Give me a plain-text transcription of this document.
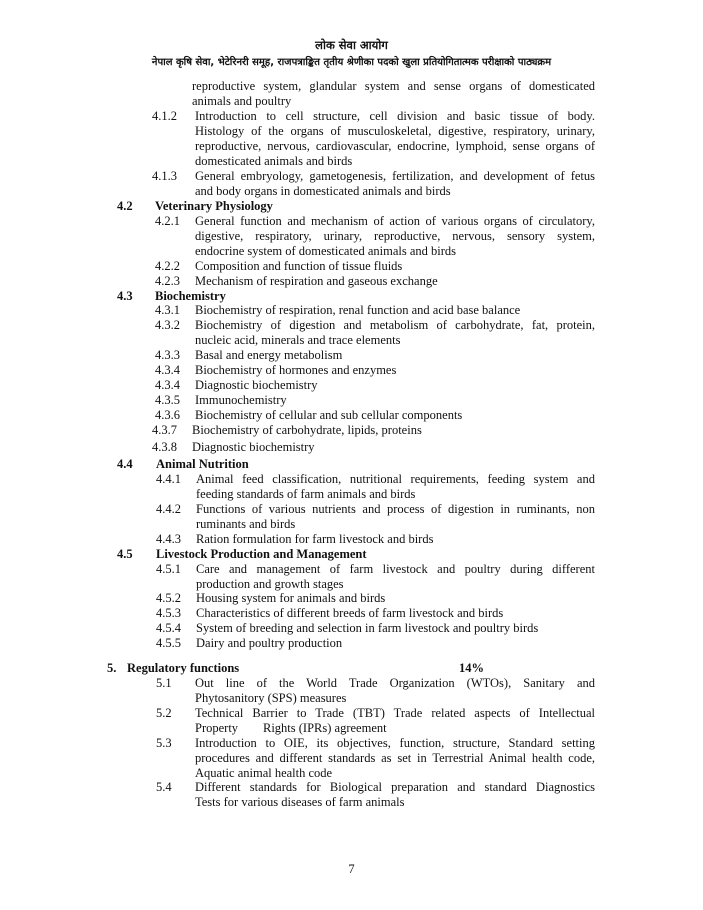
लोक सेवा आयोग
नेपाल कृषि सेवा, भेटेरिनरी समूह, राजपत्राङ्कित तृतीय श्रेणीका पदको खुला प्रतियोगितात्मक परीक्षाको पाठ्यक्रम
reproductive system, glandular system and sense organs of domesticated
animals and poultry
4.1.2 Introduction to cell structure, cell division and basic tissue of body.
Histology of the organs of musculoskeletal, digestive, respiratory, urinary,
reproductive, nervous, cardiovascular, endocrine, lymphoid, sense organs of
domesticated animals and birds
4.1.3 General embryology, gametogenesis, fertilization, and development of fetus
and body organs in domesticated animals and birds
4.2 Veterinary Physiology
4.2.1 General function and mechanism of action of various organs of circulatory,
digestive, respiratory, urinary, reproductive, nervous, sensory system,
endocrine system of domesticated animals and birds
4.2.2 Composition and function of tissue fluids
4.2.3 Mechanism of respiration and gaseous exchange
4.3 Biochemistry
4.3.1 Biochemistry of respiration, renal function and acid base balance
4.3.2 Biochemistry of digestion and metabolism of carbohydrate, fat, protein,
nucleic acid, minerals and trace elements
4.3.3 Basal and energy metabolism
4.3.4 Biochemistry of hormones and enzymes
4.3.4 Diagnostic biochemistry
4.3.5 Immunochemistry
4.3.6 Biochemistry of cellular and sub cellular components
4.3.7 Biochemistry of carbohydrate, lipids, proteins
4.3.8 Diagnostic biochemistry
4.4 Animal Nutrition
4.4.1 Animal feed classification, nutritional requirements, feeding system and
feeding standards of farm animals and birds
4.4.2 Functions of various nutrients and process of digestion in ruminants, non
ruminants and birds
4.4.3 Ration formulation for farm livestock and birds
4.5 Livestock Production and Management
4.5.1 Care and management of farm livestock and poultry during different
production and growth stages
4.5.2 Housing system for animals and birds
4.5.3 Characteristics of different breeds of farm livestock and birds
4.5.4 System of breeding and selection in farm livestock and poultry birds
4.5.5 Dairy and poultry production
5. Regulatory functions	14%
5.1 Out line of the World Trade Organization (WTOs), Sanitary and
Phytosanitory (SPS) measures
5.2 Technical Barrier to Trade (TBT) Trade related aspects of Intellectual
Property Rights (IPRs) agreement
5.3 Introduction to OIE, its objectives, function, structure, Standard setting
procedures and different standards as set in Terrestrial Animal health code,
Aquatic animal health code
5.4 Different standards for Biological preparation and standard Diagnostics
Tests for various diseases of farm animals
7
